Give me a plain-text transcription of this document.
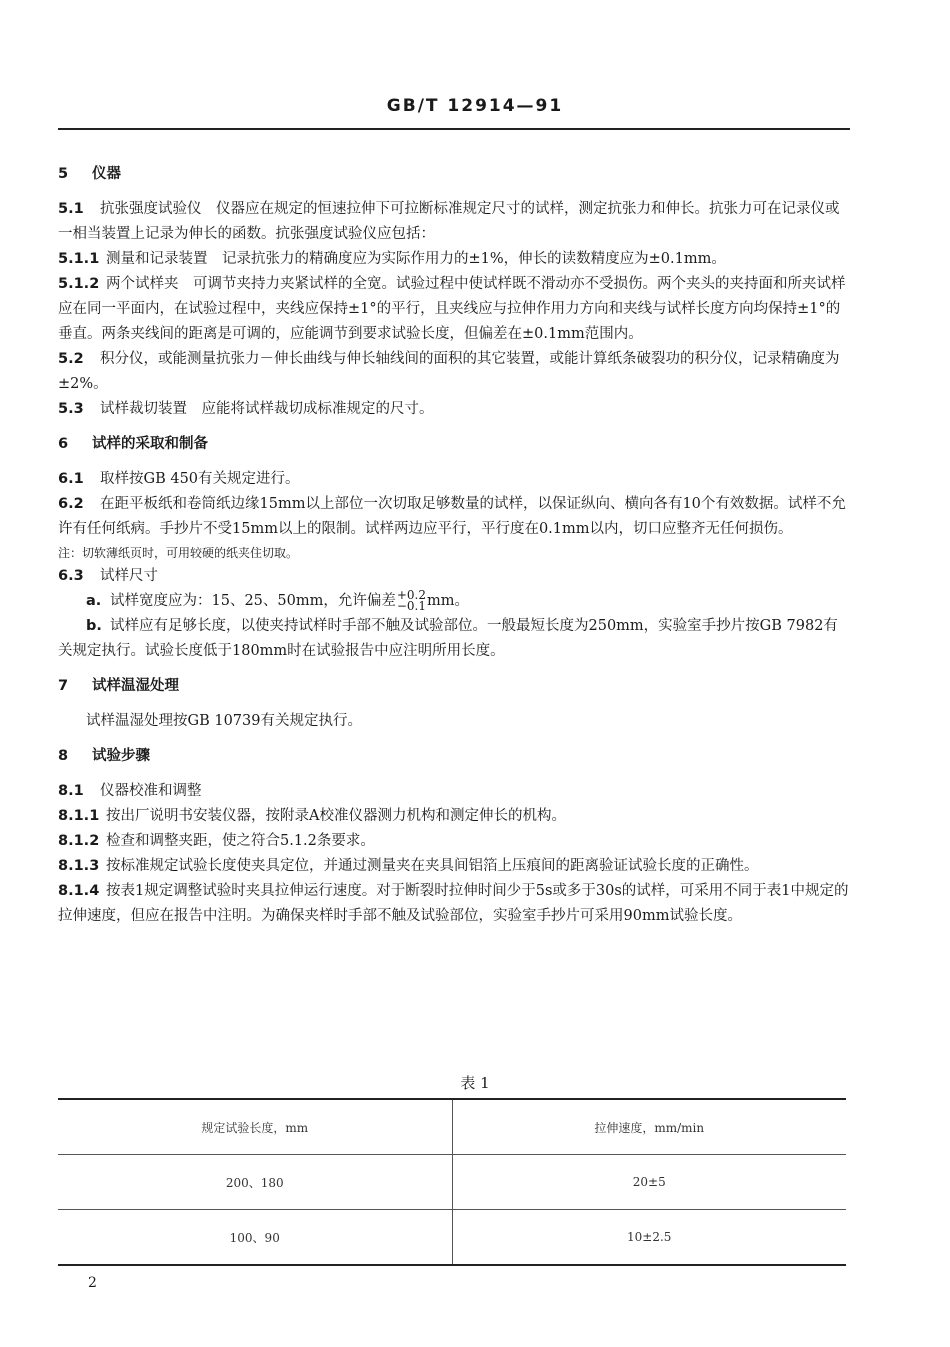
GB/T 12914—91
5 仪器

5.1 抗张强度试验仪　仪器应在规定的恒速拉伸下可拉断标准规定尺寸的试样，测定抗张力和伸长。抗张力可在记录仪或一相当装置上记录为伸长的函数。抗张强度试验仪应包括：

5.1.1 测量和记录装置　记录抗张力的精确度应为实际作用力的±1%，伸长的读数精度应为±0.1mm。

5.1.2 两个试样夹　可调节夹持力夹紧试样的全宽。试验过程中使试样既不滑动亦不受损伤。两个夹头的夹持面和所夹试样应在同一平面内，在试验过程中，夹线应保持±1°的平行，且夹线应与拉伸作用力方向和夹线与试样长度方向均保持±1°的垂直。两条夹线间的距离是可调的，应能调节到要求试验长度，但偏差在±0.1mm范围内。

5.2 积分仪，或能测量抗张力－伸长曲线与伸长轴线间的面积的其它装置，或能计算纸条破裂功的积分仪，记录精确度为±2%。

5.3 试样裁切装置　应能将试样裁切成标准规定的尺寸。

6 试样的采取和制备

6.1 取样按GB 450有关规定进行。

6.2 在距平板纸和卷筒纸边缘15mm以上部位一次切取足够数量的试样，以保证纵向、横向各有10个有效数据。试样不允许有任何纸病。手抄片不受15mm以上的限制。试样两边应平行，平行度在0.1mm以内，切口应整齐无任何损伤。

注：切软薄纸页时，可用较硬的纸夹住切取。

6.3 试样尺寸

a. 试样宽度应为：15、25、50mm，允许偏差 +0.2
−0.1 mm。

b. 试样应有足够长度，以使夹持试样时手部不触及试验部位。一般最短长度为250mm，实验室手抄片按GB 7982有关规定执行。试验长度低于180mm时在试验报告中应注明所用长度。

7 试样温湿处理

试样温湿处理按GB 10739有关规定执行。

8 试验步骤

8.1 仪器校准和调整

8.1.1 按出厂说明书安装仪器，按附录A校准仪器测力机构和测定伸长的机构。

8.1.2 检查和调整夹距，使之符合5.1.2条要求。

8.1.3 按标准规定试验长度使夹具定位，并通过测量夹在夹具间铝箔上压痕间的距离验证试验长度的正确性。

8.1.4 按表1规定调整试验时夹具拉伸运行速度。对于断裂时拉伸时间少于5s或多于30s的试样，可采用不同于表1中规定的拉伸速度，但应在报告中注明。为确保夹样时手部不触及试验部位，实验室手抄片可采用90mm试验长度。

表 1
规定试验长度，mm	拉伸速度，mm/min
200、180	20±5
100、90	10±2.5
2
